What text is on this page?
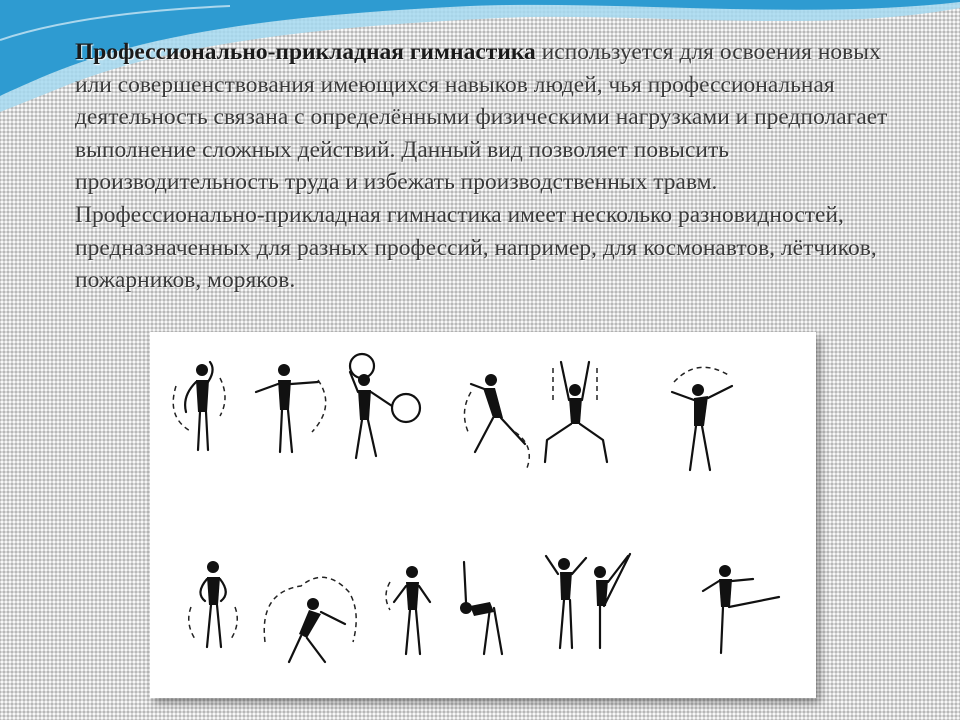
Профессионально-прикладная гимнастика используется для освоения новых или совершенствования имеющихся навыков людей, чья профессиональная деятельность связана с определёнными физическими нагрузками и предполагает выполнение сложных действий. Данный вид позволяет повысить производительность труда и избежать производственных травм. Профессионально-прикладная гимнастика имеет несколько разновидностей, предназначенных для разных профессий, например, для космонавтов, лётчиков, пожарников, моряков.
